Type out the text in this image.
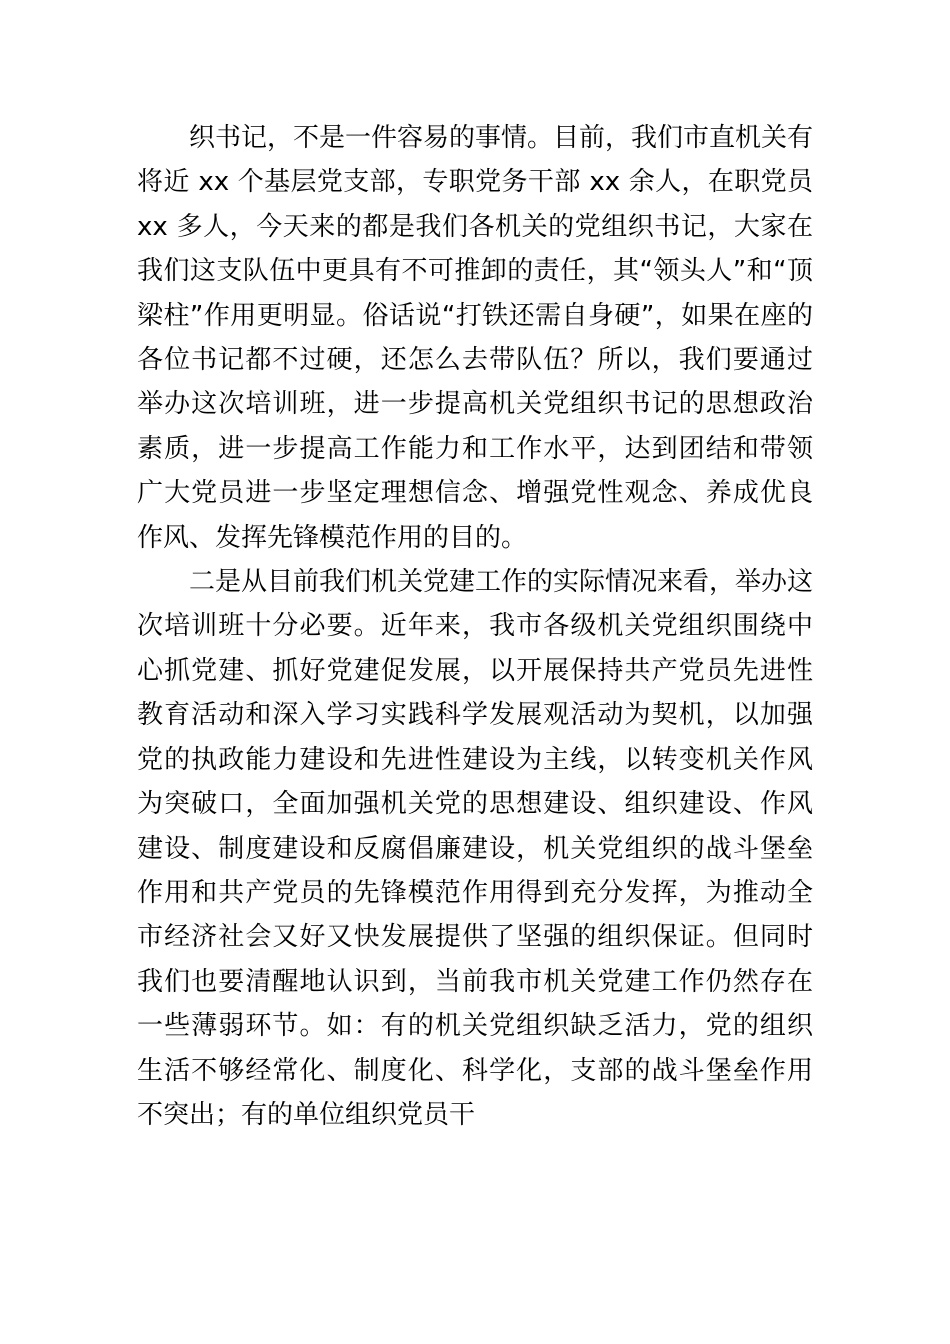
织书记，不是一件容易的事情。目前，我们市直机关有
将近 xx 个基层党支部，专职党务干部 xx 余人，在职党员
xx 多人，今天来的都是我们各机关的党组织书记，大家在
我们这支队伍中更具有不可推卸的责任，其“领头人”和“顶
梁柱”作用更明显。俗话说“打铁还需自身硬”，如果在座的
各位书记都不过硬，还怎么去带队伍？所以，我们要通过
举办这次培训班，进一步提高机关党组织书记的思想政治
素质，进一步提高工作能力和工作水平，达到团结和带领
广大党员进一步坚定理想信念、增强党性观念、养成优良
作风、发挥先锋模范作用的目的。
二是从目前我们机关党建工作的实际情况来看，举办这
次培训班十分必要。近年来，我市各级机关党组织围绕中
心抓党建、抓好党建促发展，以开展保持共产党员先进性
教育活动和深入学习实践科学发展观活动为契机，以加强
党的执政能力建设和先进性建设为主线，以转变机关作风
为突破口，全面加强机关党的思想建设、组织建设、作风
建设、制度建设和反腐倡廉建设，机关党组织的战斗堡垒
作用和共产党员的先锋模范作用得到充分发挥，为推动全
市经济社会又好又快发展提供了坚强的组织保证。但同时
我们也要清醒地认识到，当前我市机关党建工作仍然存在
一些薄弱环节。如：有的机关党组织缺乏活力，党的组织
生活不够经常化、制度化、科学化，支部的战斗堡垒作用
不突出；有的单位组织党员干
